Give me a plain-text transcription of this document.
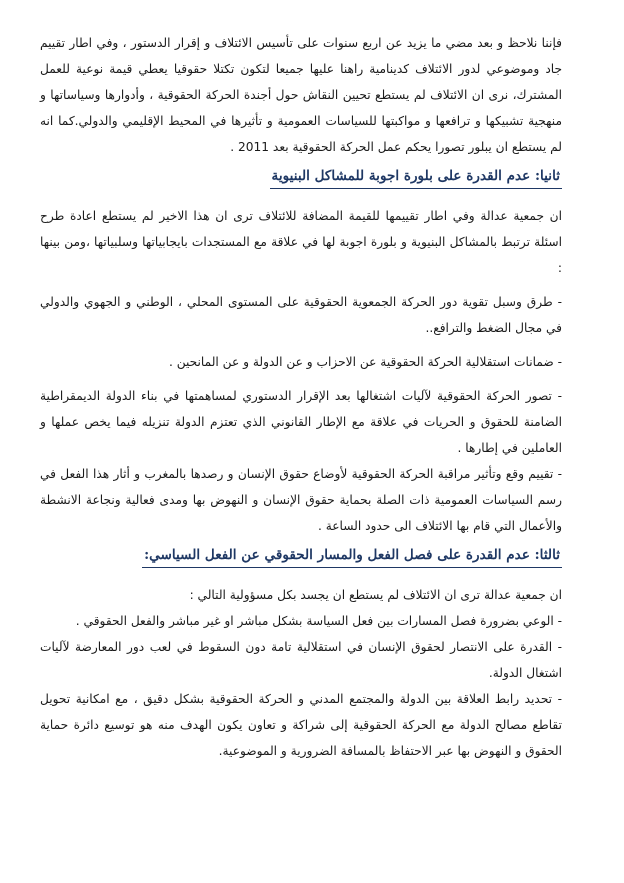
فإننا نلاحظ و بعد مضي ما يزيد عن اربع سنوات على تأسيس الائتلاف و إقرار الدستور ، وفي اطار تقييم جاد وموضوعي لدور الائتلاف كدينامية راهنا عليها جميعا لتكون تكتلا حقوقيا يعطي قيمة نوعية للعمل المشترك، نرى ان الائتلاف لم يستطع تحيين النقاش حول أجندة الحركة الحقوقية ، وأدوارها وسياساتها و منهجية تشبيكها و ترافعها و مواكبتها للسياسات العمومية و تأثيرها في المحيط الإقليمي والدولي.كما انه لم يستطع ان يبلور تصورا يحكم عمل الحركة الحقوقية بعد 2011 .

ثانيا: عدم القدرة على بلورة اجوبة للمشاكل البنيوية

ان جمعية عدالة وفي اطار تقييمها للقيمة المضافة للائتلاف ترى ان هذا الاخير لم يستطع اعادة طرح اسئلة ترتبط بالمشاكل البنيوية و بلورة اجوبة لها في علاقة مع المستجدات بايجابياتها وسلبياتها ،ومن بينها :

- طرق وسبل تقوية دور الحركة الجمعوية الحقوقية على المستوى المحلي ، الوطني و الجهوي والدولي في مجال الضغط والترافع..

- ضمانات استقلالية الحركة الحقوقية عن الاحزاب و عن الدولة و عن المانحين .

- تصور الحركة الحقوقية لآليات اشتغالها بعد الإقرار الدستوري لمساهمتها في بناء الدولة الديمقراطية الضامنة للحقوق و الحريات في علاقة مع الإطار القانوني الذي تعتزم الدولة تنزيله فيما يخص عملها و العاملين في إطارها .

- تقييم وقع وتأثير مراقبة الحركة الحقوقية لأوضاع حقوق الإنسان و رصدها بالمغرب و أثار هذا الفعل في رسم السياسات العمومية ذات الصلة بحماية حقوق الإنسان و النهوض بها ومدى فعالية ونجاعة الانشطة والأعمال التي قام بها الائتلاف الى حدود الساعة .

ثالثا: عدم القدرة على فصل الفعل والمسار الحقوقي عن الفعل السياسي:

ان جمعية عدالة ترى ان الائتلاف لم يستطع ان يجسد بكل مسؤولية التالي :

- الوعي بضرورة فصل المسارات بين فعل السياسة بشكل مباشر او غير مباشر والفعل الحقوقي .

- القدرة على الانتصار لحقوق الإنسان في استقلالية تامة دون السقوط في لعب دور المعارضة لآليات اشتغال الدولة.

- تحديد رابط العلاقة بين الدولة والمجتمع المدني و الحركة الحقوقية بشكل دقيق ، مع امكانية تحويل تقاطع مصالح الدولة مع الحركة الحقوقية إلى شراكة و تعاون يكون الهدف منه هو توسيع دائرة حماية الحقوق و النهوض بها عبر الاحتفاظ بالمسافة الضرورية و الموضوعية.
